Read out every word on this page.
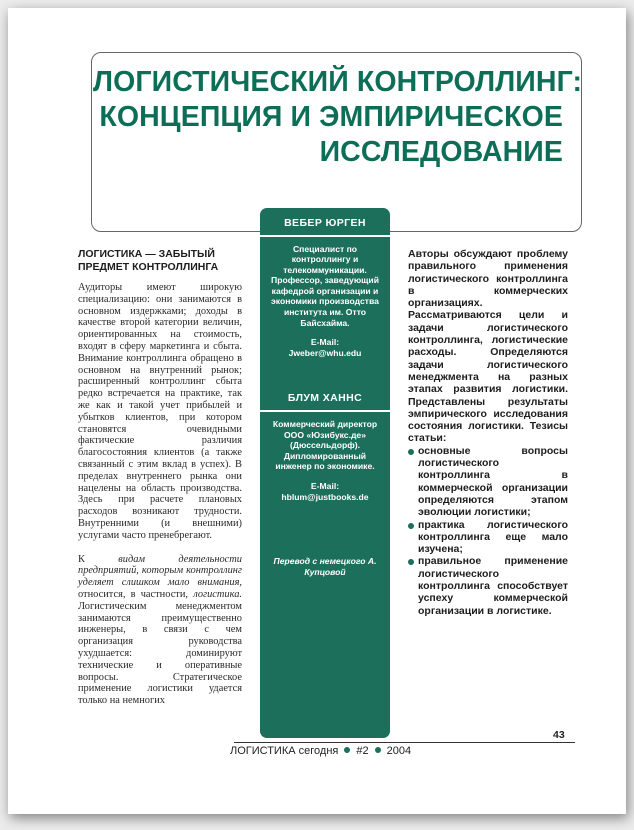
ЛОГИСТИЧЕСКИЙ КОНТРОЛЛИНГ:
КОНЦЕПЦИЯ И ЭМПИРИЧЕСКОЕ
ИССЛЕДОВАНИЕ
ВЕБЕР ЮРГЕН
Специалист по контроллингу и телекоммуникации. Профессор, заведующий кафедрой организации и экономики производства института им. Отто Байсхайма.
E-Mail:
Jweber@whu.edu
БЛУМ ХАННС
Коммерческий директор ООО «Юзибукс.де» (Дюссельдорф). Дипломированный инженер по экономике.
E-Mail:
hblum@justbooks.de
Перевод с немецкого А. Купцовой
ЛОГИСТИКА — ЗАБЫТЫЙ ПРЕДМЕТ КОНТРОЛЛИНГА

Аудиторы имеют широкую специализацию: они занимаются в основном издержками; доходы в качестве второй категории величин, ориентированных на стоимость, входят в сферу маркетинга и сбыта. Внимание контроллинга обращено в основном на внутренний рынок; расширенный контроллинг сбыта редко встречается на практике, так же как и такой учет прибылей и убытков клиентов, при котором становятся очевидными фактические различия благосостояния клиентов (а также связанный с этим вклад в успех). В пределах внутреннего рынка они нацелены на область производства. Здесь при расчете плановых расходов возникают трудности. Внутренними (и внешними) услугами часто пренебрегают.

К видам деятельности предприятий, которым контроллинг уделяет слишком мало внимания, относится, в частности, логистика. Логистическим менеджментом занимаются преимущественно инженеры, в связи с чем организация руководства ухудшается: доминируют технические и оперативные вопросы. Стратегическое применение логистики удается только на немногих

Авторы обсуждают проблему правильного применения логистического контроллинга в коммерческих организациях. Рассматриваются цели и задачи логистического контроллинга, логистические расходы. Определяются задачи логистического менеджмента на разных этапах развития логистики. Представлены результаты эмпирического исследования состояния логистики. Тезисы статьи:
основные вопросы логистического контроллинга в коммерческой организации определяются этапом эволюции логистики;
практика логистического контроллинга еще мало изучена;
правильное применение логистического контроллинга способствует успеху коммерческой организации в логистике.
ЛОГИСТИКА сегодня #2 2004
43
